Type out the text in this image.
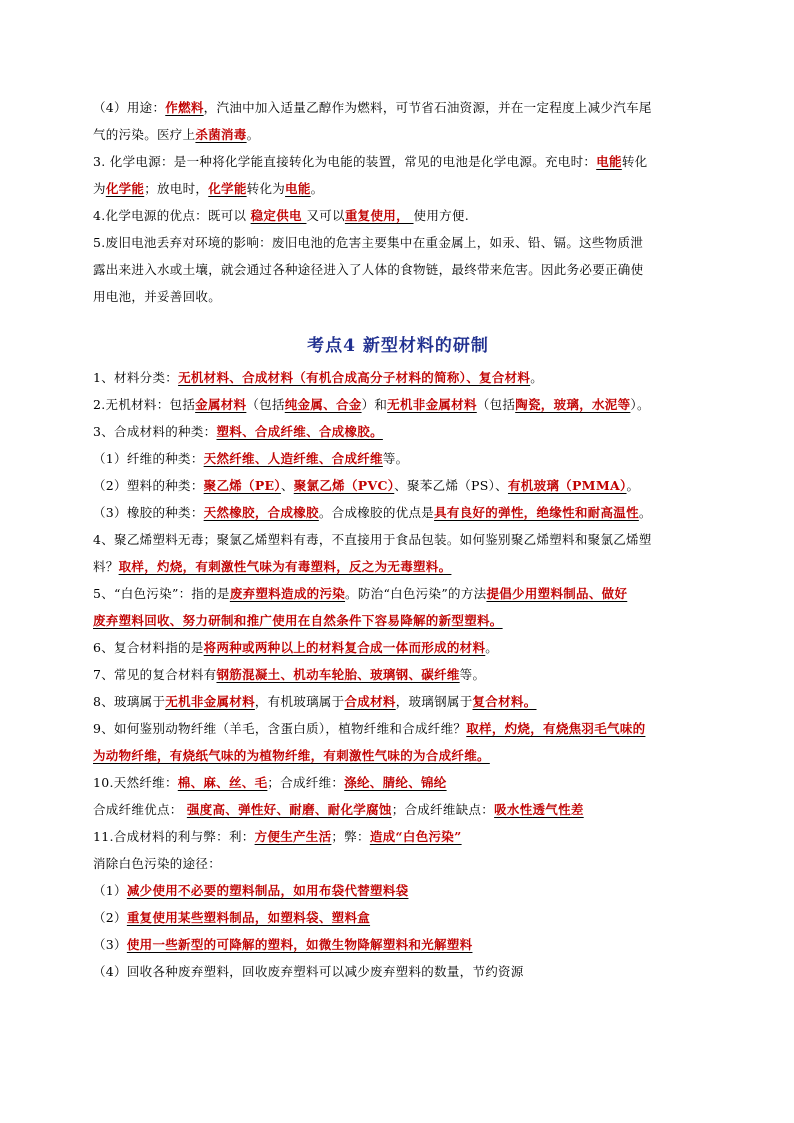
（4）用途：作燃料，汽油中加入适量乙醇作为燃料，可节省石油资源，并在一定程度上减少汽车尾
气的污染。医疗上杀菌消毒。
3. 化学电源：是一种将化学能直接转化为电能的装置，常见的电池是化学电源。充电时：电能转化
为化学能；放电时，化学能转化为电能。
4.化学电源的优点：既可以 稳定供电 又可以重复使用， 使用方便.
5.废旧电池丢弃对环境的影响：废旧电池的危害主要集中在重金属上，如汞、铅、镉。这些物质泄
露出来进入水或土壤，就会通过各种途径进入了人体的食物链，最终带来危害。因此务必要正确使
用电池，并妥善回收。
考点4 新型材料的研制
1、材料分类：无机材料、合成材料（有机合成高分子材料的简称）、复合材料。
2.无机材料：包括金属材料（包括纯金属、合金）和无机非金属材料（包括陶瓷，玻璃，水泥等）。
3、合成材料的种类：塑料、合成纤维、合成橡胶。
（1）纤维的种类：天然纤维、人造纤维、合成纤维等。
（2）塑料的种类：聚乙烯（PE）、聚氯乙烯（PVC）、聚苯乙烯（PS）、有机玻璃（PMMA）。
（3）橡胶的种类：天然橡胶，合成橡胶。合成橡胶的优点是具有良好的弹性，绝缘性和耐高温性。
4、聚乙烯塑料无毒；聚氯乙烯塑料有毒，不直接用于食品包装。如何鉴别聚乙烯塑料和聚氯乙烯塑
料？取样，灼烧，有刺激性气味为有毒塑料，反之为无毒塑料。
5、“白色污染”：指的是废弃塑料造成的污染。防治“白色污染”的方法提倡少用塑料制品、做好
废弃塑料回收、努力研制和推广使用在自然条件下容易降解的新型塑料。
6、复合材料指的是将两种或两种以上的材料复合成一体而形成的材料。
7、常见的复合材料有钢筋混凝土、机动车轮胎、玻璃钢、碳纤维等。
8、玻璃属于无机非金属材料，有机玻璃属于合成材料，玻璃钢属于复合材料。
9、如何鉴别动物纤维（羊毛，含蛋白质），植物纤维和合成纤维？取样，灼烧，有烧焦羽毛气味的
为动物纤维，有烧纸气味的为植物纤维，有刺激性气味的为合成纤维。
10.天然纤维：棉、麻、丝、毛；合成纤维：涤纶、腈纶、锦纶
合成纤维优点： 强度高、弹性好、耐磨、耐化学腐蚀；合成纤维缺点：吸水性透气性差
11.合成材料的利与弊：利：方便生产生活；弊：造成“白色污染”
消除白色污染的途径：
（1）减少使用不必要的塑料制品，如用布袋代替塑料袋
（2）重复使用某些塑料制品，如塑料袋、塑料盒
（3）使用一些新型的可降解的塑料，如微生物降解塑料和光解塑料
（4）回收各种废弃塑料，回收废弃塑料可以减少废弃塑料的数量，节约资源
